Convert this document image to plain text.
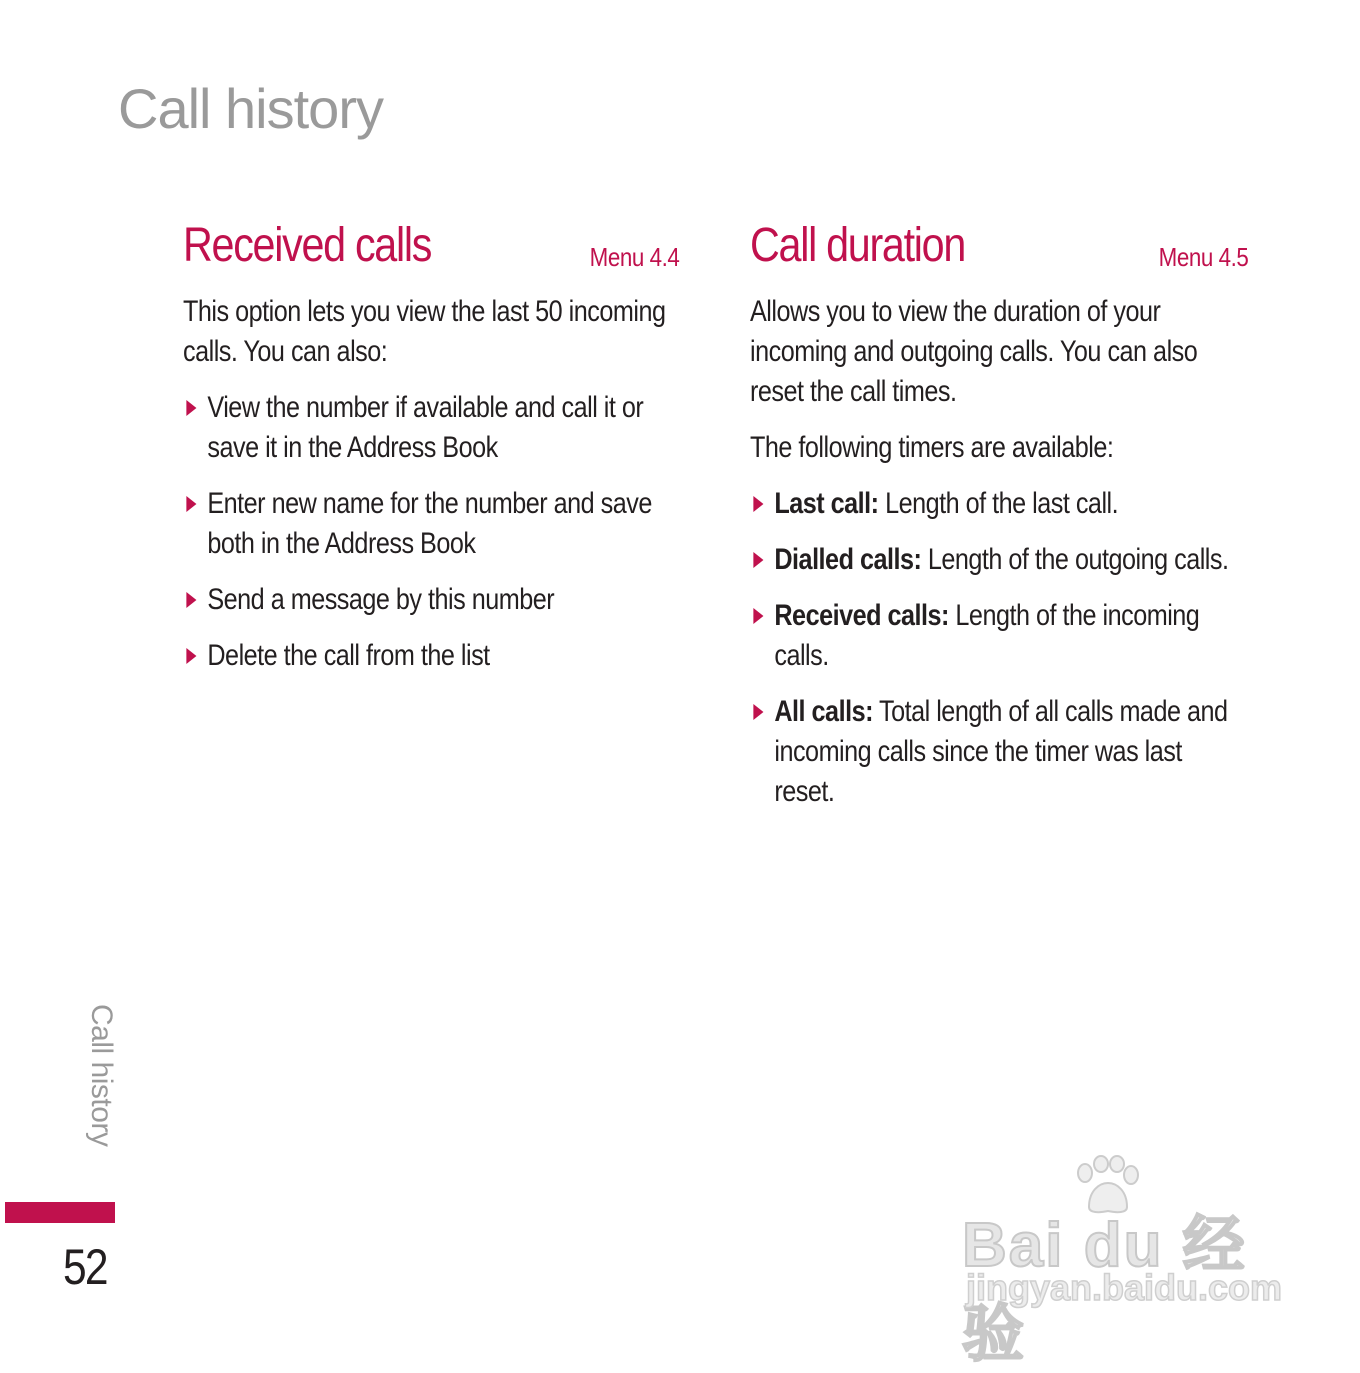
Call history
Received calls	Menu 4.4

This option lets you view the last 50 incoming calls. You can also:

View the number if available and call it or save it in the Address Book
Enter new name for the number and save both in the Address Book
Send a message by this number
Delete the call from the list
Call duration	Menu 4.5

Allows you to view the duration of your incoming and outgoing calls. You can also reset the call times.

The following timers are available:

Last call: Length of the last call.
Dialled calls: Length of the outgoing calls.
Received calls: Length of the incoming calls.
All calls: Total length of all calls made and incoming calls since the timer was last reset.
Call history
52	Bai du 经验
jingyan.baidu.com
